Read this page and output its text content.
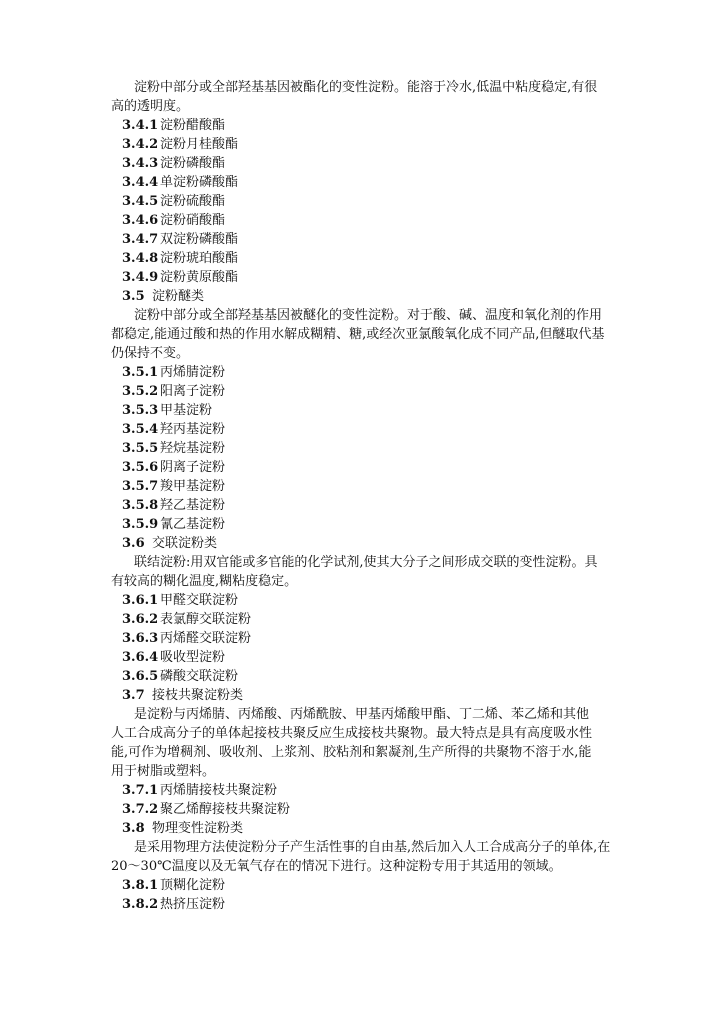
淀粉中部分或全部羟基基因被酯化的变性淀粉。能溶于冷水,低温中粘度稳定,有很
高的透明度。
3.4.1 淀粉醋酸酯
3.4.2 淀粉月桂酸酯
3.4.3 淀粉磷酸酯
3.4.4 单淀粉磷酸酯
3.4.5 淀粉硫酸酯
3.4.6 淀粉硝酸酯
3.4.7 双淀粉磷酸酯
3.4.8 淀粉琥珀酸酯
3.4.9 淀粉黄原酸酯
3.5 淀粉醚类
淀粉中部分或全部羟基基因被醚化的变性淀粉。对于酸、碱、温度和氧化剂的作用
都稳定,能通过酸和热的作用水解成糊精、糖,或经次亚氯酸氧化成不同产品,但醚取代基
仍保持不变。
3.5.1 丙烯腈淀粉
3.5.2 阳离子淀粉
3.5.3 甲基淀粉
3.5.4 羟丙基淀粉
3.5.5 羟烷基淀粉
3.5.6 阴离子淀粉
3.5.7 羧甲基淀粉
3.5.8 羟乙基淀粉
3.5.9 氰乙基淀粉
3.6 交联淀粉类
联结淀粉:用双官能或多官能的化学试剂,使其大分子之间形成交联的变性淀粉。具
有较高的糊化温度,糊粘度稳定。
3.6.1 甲醛交联淀粉
3.6.2 表氯醇交联淀粉
3.6.3 丙烯醛交联淀粉
3.6.4 吸收型淀粉
3.6.5 磷酸交联淀粉
3.7 接枝共聚淀粉类
是淀粉与丙烯腈、丙烯酸、丙烯酰胺、甲基丙烯酸甲酯、丁二烯、苯乙烯和其他
人工合成高分子的单体起接枝共聚反应生成接枝共聚物。最大特点是具有高度吸水性
能,可作为增稠剂、吸收剂、上浆剂、胶粘剂和絮凝剂,生产所得的共聚物不溶于水,能
用于树脂或塑料。
3.7.1 丙烯腈接枝共聚淀粉
3.7.2 聚乙烯醇接枝共聚淀粉
3.8 物理变性淀粉类
是采用物理方法使淀粉分子产生活性事的自由基,然后加入人工合成高分子的单体,在
20～30℃温度以及无氧气存在的情况下进行。这种淀粉专用于其适用的领域。
3.8.1 顶糊化淀粉
3.8.2 热挤压淀粉
